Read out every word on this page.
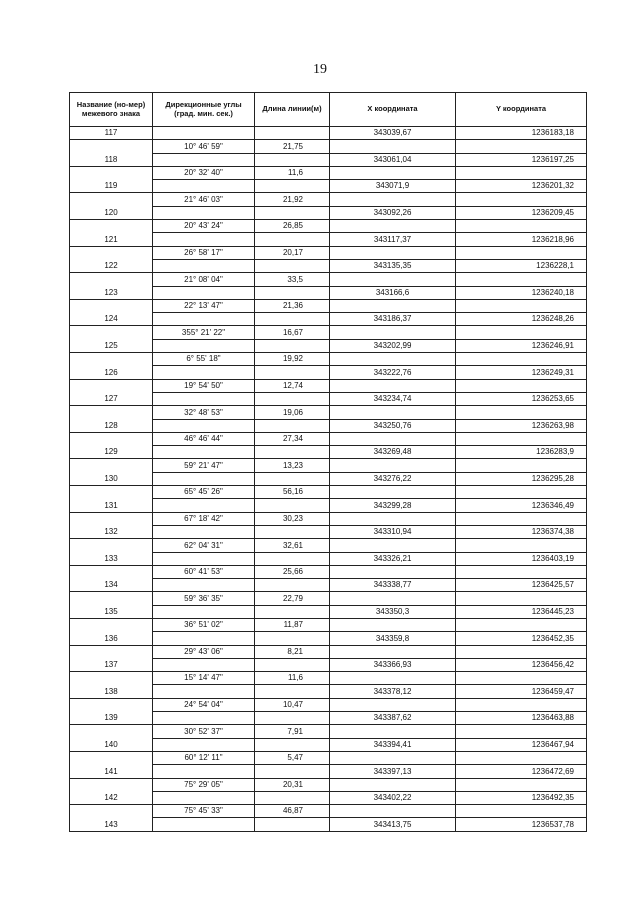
19
Название (но-мер) межевого знака	Дирекционные углы (град. мин. сек.)	Длина линии(м)	X координата	Y координата
117			343039,67	1236183,18
	10° 46' 59"	21,75		
118			343061,04	1236197,25
	20° 32' 40"	11,6		
119			343071,9	1236201,32
	21° 46' 03"	21,92		
120			343092,26	1236209,45
	20° 43' 24"	26,85		
121			343117,37	1236218,96
	26° 58' 17"	20,17		
122			343135,35	1236228,1
	21° 08' 04"	33,5		
123			343166,6	1236240,18
	22° 13' 47"	21,36		
124			343186,37	1236248,26
	355° 21' 22"	16,67		
125			343202,99	1236246,91
	6° 55' 18"	19,92		
126			343222,76	1236249,31
	19° 54' 50"	12,74		
127			343234,74	1236253,65
	32° 48' 53"	19,06		
128			343250,76	1236263,98
	46° 46' 44"	27,34		
129			343269,48	1236283,9
	59° 21' 47"	13,23		
130			343276,22	1236295,28
	65° 45' 26"	56,16		
131			343299,28	1236346,49
	67° 18' 42"	30,23		
132			343310,94	1236374,38
	62° 04' 31"	32,61		
133			343326,21	1236403,19
	60° 41' 53"	25,66		
134			343338,77	1236425,57
	59° 36' 35"	22,79		
135			343350,3	1236445,23
	36° 51' 02"	11,87		
136			343359,8	1236452,35
	29° 43' 06"	8,21		
137			343366,93	1236456,42
	15° 14' 47"	11,6		
138			343378,12	1236459,47
	24° 54' 04"	10,47		
139			343387,62	1236463,88
	30° 52' 37"	7,91		
140			343394,41	1236467,94
	60° 12' 11"	5,47		
141			343397,13	1236472,69
	75° 29' 05"	20,31		
142			343402,22	1236492,35
	75° 45' 33"	46,87		
143			343413,75	1236537,78
